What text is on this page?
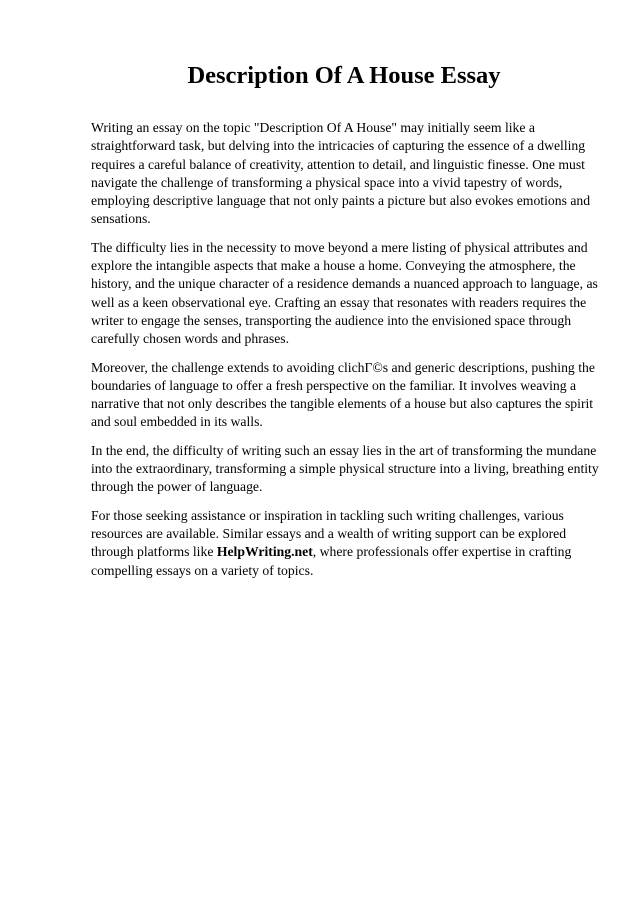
Description Of A House Essay

Writing an essay on the topic "Description Of A House" may initially seem like a straightforward task, but delving into the intricacies of capturing the essence of a dwelling requires a careful balance of creativity, attention to detail, and linguistic finesse. One must navigate the challenge of transforming a physical space into a vivid tapestry of words, employing descriptive language that not only paints a picture but also evokes emotions and sensations.

The difficulty lies in the necessity to move beyond a mere listing of physical attributes and explore the intangible aspects that make a house a home. Conveying the atmosphere, the history, and the unique character of a residence demands a nuanced approach to language, as well as a keen observational eye. Crafting an essay that resonates with readers requires the writer to engage the senses, transporting the audience into the envisioned space through carefully chosen words and phrases.

Moreover, the challenge extends to avoiding clichГ©s and generic descriptions, pushing the boundaries of language to offer a fresh perspective on the familiar. It involves weaving a narrative that not only describes the tangible elements of a house but also captures the spirit and soul embedded in its walls.

In the end, the difficulty of writing such an essay lies in the art of transforming the mundane into the extraordinary, transforming a simple physical structure into a living, breathing entity through the power of language.

For those seeking assistance or inspiration in tackling such writing challenges, various resources are available. Similar essays and a wealth of writing support can be explored through platforms like HelpWriting.net, where professionals offer expertise in crafting compelling essays on a variety of topics.
